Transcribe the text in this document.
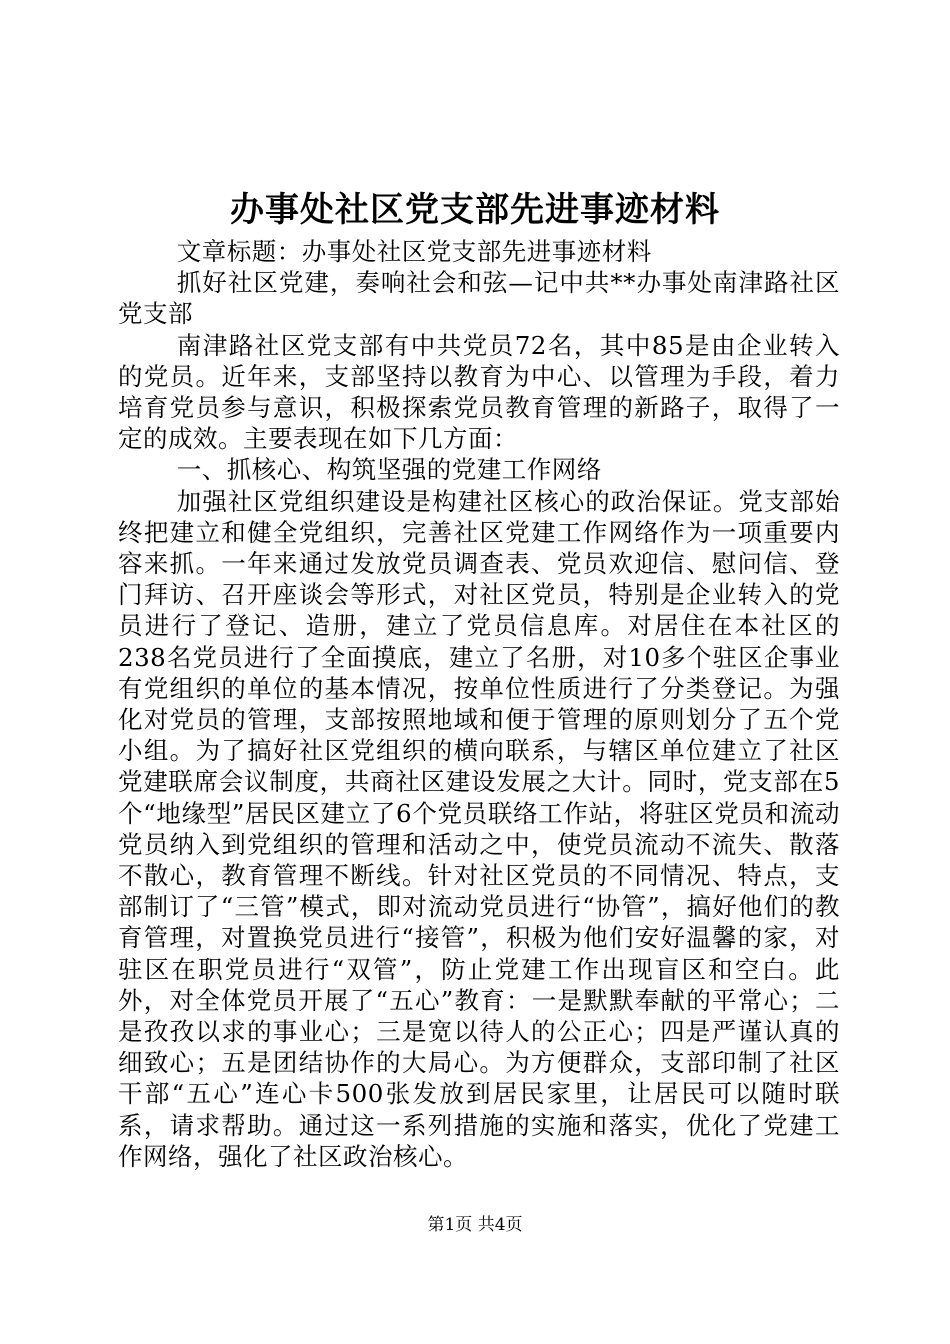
办事处社区党支部先进事迹材料

文章标题：办事处社区党支部先进事迹材料

抓好社区党建，奏响社会和弦—记中共**办事处南津路社区党支部

南津路社区党支部有中共党员72名，其中85是由企业转入的党员。近年来，支部坚持以教育为中心、以管理为手段，着力培育党员参与意识，积极探索党员教育管理的新路子，取得了一定的成效。主要表现在如下几方面：

一、抓核心、构筑坚强的党建工作网络

加强社区党组织建设是构建社区核心的政治保证。党支部始终把建立和健全党组织，完善社区党建工作网络作为一项重要内容来抓。一年来通过发放党员调查表、党员欢迎信、慰问信、登门拜访、召开座谈会等形式，对社区党员，特别是企业转入的党员进行了登记、造册，建立了党员信息库。对居住在本社区的238名党员进行了全面摸底，建立了名册，对10多个驻区企事业有党组织的单位的基本情况，按单位性质进行了分类登记。为强化对党员的管理，支部按照地域和便于管理的原则划分了五个党小组。为了搞好社区党组织的横向联系，与辖区单位建立了社区党建联席会议制度，共商社区建设发展之大计。同时，党支部在5个“地缘型”居民区建立了6个党员联络工作站，将驻区党员和流动党员纳入到党组织的管理和活动之中，使党员流动不流失、散落不散心，教育管理不断线。针对社区党员的不同情况、特点，支部制订了“三管”模式，即对流动党员进行“协管”，搞好他们的教育管理，对置换党员进行“接管”，积极为他们安好温馨的家，对驻区在职党员进行“双管”，防止党建工作出现盲区和空白。此外，对全体党员开展了“五心”教育：一是默默奉献的平常心；二是孜孜以求的事业心；三是宽以待人的公正心；四是严谨认真的细致心；五是团结协作的大局心。为方便群众，支部印制了社区干部“五心”连心卡500张发放到居民家里，让居民可以随时联系，请求帮助。通过这一系列措施的实施和落实，优化了党建工作网络，强化了社区政治核心。

第1页 共4页
